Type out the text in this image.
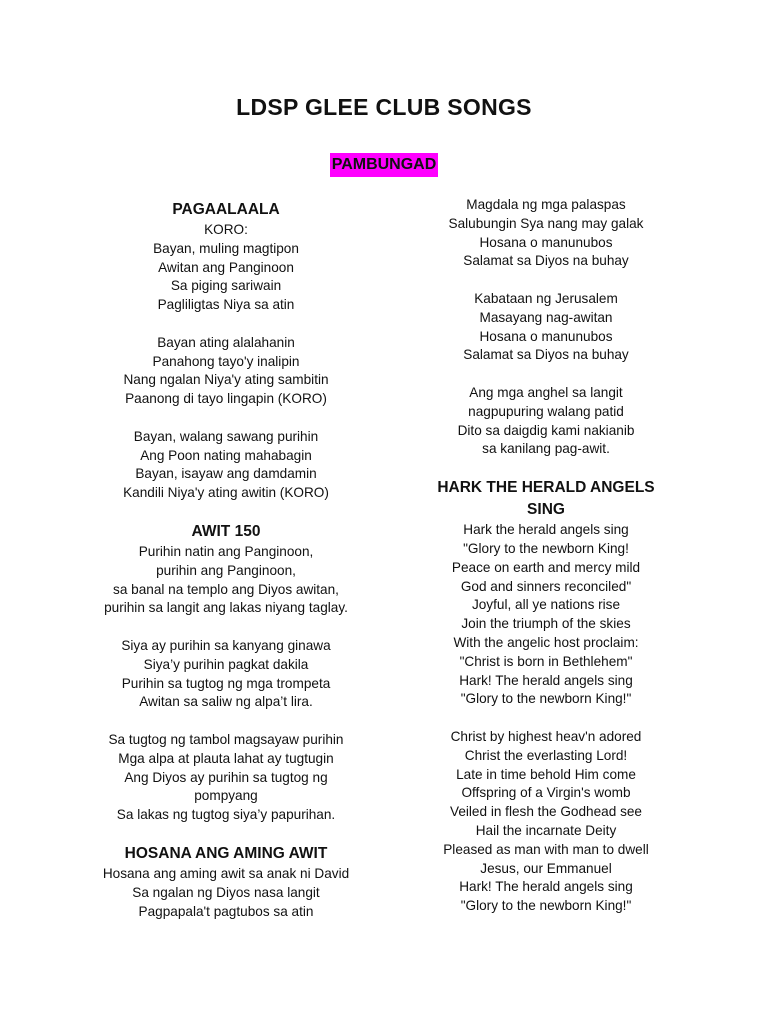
LDSP GLEE CLUB SONGS
PAMBUNGAD
PAGAALAALA
KORO:
Bayan, muling magtipon
Awitan ang Panginoon
Sa piging sariwain
Pagliligtas Niya sa atin
Bayan ating alalahanin
Panahong tayo'y inalipin
Nang ngalan Niya'y ating sambitin
Paanong di tayo lingapin (KORO)
Bayan, walang sawang purihin
Ang Poon nating mahabagin
Bayan, isayaw ang damdamin
Kandili Niya'y ating awitin (KORO)
AWIT 150
Purihin natin ang Panginoon,
purihin ang Panginoon,
sa banal na templo ang Diyos awitan,
purihin sa langit ang lakas niyang taglay.
Siya ay purihin sa kanyang ginawa
Siya’y purihin pagkat dakila
Purihin sa tugtog ng mga trompeta
Awitan sa saliw ng alpa’t lira.
Sa tugtog ng tambol magsayaw purihin
Mga alpa at plauta lahat ay tugtugin
Ang Diyos ay purihin sa tugtog ng
pompyang
Sa lakas ng tugtog siya’y papurihan.
HOSANA ANG AMING AWIT
Hosana ang aming awit sa anak ni David
Sa ngalan ng Diyos nasa langit
Pagpapala't pagtubos sa atin
Magdala ng mga palaspas
Salubungin Sya nang may galak
Hosana o manunubos
Salamat sa Diyos na buhay
Kabataan ng Jerusalem
Masayang nag-awitan
Hosana o manunubos
Salamat sa Diyos na buhay
Ang mga anghel sa langit
nagpupuring walang patid
Dito sa daigdig kami nakianib
sa kanilang pag-awit.
HARK THE HERALD ANGELS
SING
Hark the herald angels sing
"Glory to the newborn King!
Peace on earth and mercy mild
God and sinners reconciled"
Joyful, all ye nations rise
Join the triumph of the skies
With the angelic host proclaim:
"Christ is born in Bethlehem"
Hark! The herald angels sing
"Glory to the newborn King!"
Christ by highest heav'n adored
Christ the everlasting Lord!
Late in time behold Him come
Offspring of a Virgin's womb
Veiled in flesh the Godhead see
Hail the incarnate Deity
Pleased as man with man to dwell
Jesus, our Emmanuel
Hark! The herald angels sing
"Glory to the newborn King!"
